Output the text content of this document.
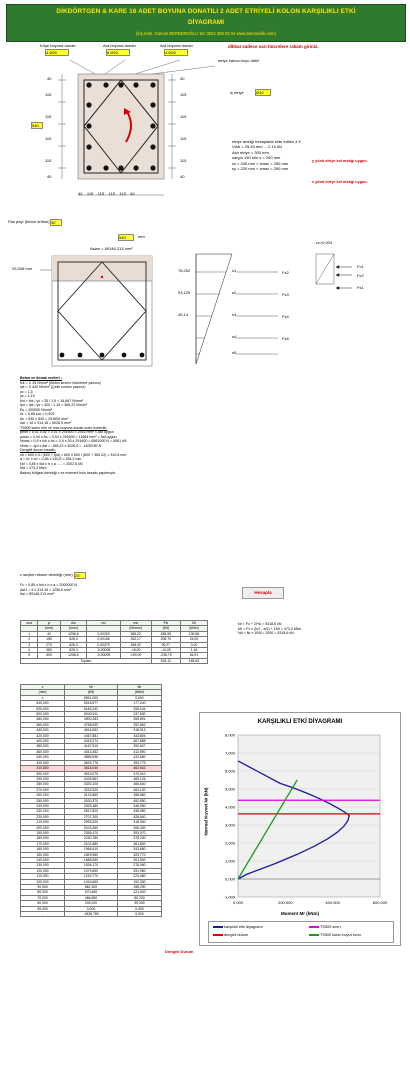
DİKDÖRTGEN & KARE 16 ADET BOYUNA DONATILI 2 ADET ETRİYELİ KOLON KARŞILIKLI ETKİ
DİYAGRAMI
(inş.müh. Gürcan BERBEROĞLU tel: 0532 366 02 04 www.betoncelik.com)
Köşe boyuna donatı	Ara boyuna donatı	Ara boyuna donatı
4 Ø20	6 Ø20	4 Ø20
dikkat sadece sarı hücrelere rakam giriniz.
etriye kanca boyu dahil
40
115
115
115
115
40
540
40
115
115
115
115
40
iç etriye	Ø10
etriye aralığı hesaplarla elde edilen 4 fi
Vd/b = 25.40 mm ... 2.10 kN
Ash etriye = 300 mm
sargılı 150 min s = 250 mm
sx = 245 mm < smax = 250 mm
sy = 220 mm < smax = 250 mm
y yönü etriye kol aralığı uygun.
x yönü etriye kol aralığı uygun.
40 115 115 115 115 40
Pas payı (beton örtüsü) 30
540	mm
Aslan = 89146,213 mm²
29,346 mm
εc=0,003
78,252
93,129
45,14
Fc1
Fc2
Fs1
Fs2
Fs3
Fs4
Fs5
s1
s2
s3
s4
s5
Beton ve donatı verileri :
fck = C 25 N/mm² (Beton sınıfını hücrelere yazınız)
fyk = S 420 N/mm² (Çelik sınıfını yazınız)
γc = 1,5
γs = 1,15
fcd = fck / γc = 25 / 1,5 = 16,667 N/mm²
fyd = fyk / γs = 420 / 1,15 = 365,22 N/mm²
Es = 200000 N/mm²
k1 = 0,85 εcu = 0,003
Ac = 540 x 540 = 291600 mm²
Ast = 16 x 314,16 = 5026,5 mm²
TS500 kolon min ve max boyuna donatı oranı kontrolü:
ρmin = 0,01 x Ac = 0,01 x 291600 = 2916 mm² < Ast uygun
ρmax = 0,04 x Ac = 0,04 x 291600 = 11664 mm² > Ast uygun
Nmax = 0,9 x fck x Ac = 0,9 x 25 x 291600 = 6561000 N = 6561 kN
Nmin = -fyd x Ast = -365,22 x 5026,5 = -1835780 N
Dengeli durum hesabı:
cb = 600 x d / (600 + fyd) = 600 x 500 / (600 + 365,22) = 310,8 mm
a = k1 x cb = 0,85 x 310,8 = 264,2 mm
Nd = 0,85 x fcd x b x a - ... = 2002,5 kN
Md = 473,2 kNm
Basınç bölgesi derinliği c ve moment kolu hesabı yapılmıştır.
c seçilen eksen derinliği (mm) 20
Fc = 0,85 x fcd x b x a = 2000000 N
Ast1 = 4 x 314,16 = 1256,6 mm²
Asi = 89146,213 mm²	Hesapla
sıra	yi	Asi	εsi	σsi	Fsi	Mi
	(mm)	(mm²)		(N/mm²)	(kN)	(kNm)
1	40	1256,6	0,00253	365,22	458,95	105,56
2	155	628,3	0,00166	332,17	208,70	24,00
3	270	628,3	0,00079	158,00	99,27	0,00
4	385	628,3	-0,00008	-16,00	-10,05	1,16
5	500	1256,6	-0,00095	-190,00	-238,75	54,91
Toplam					518,12	185,63
Nr = Fc + ΣFsi = 5318,6 kN
Mr = Fc x (h/2 - a/2) + ΣMi = 473,2 kNm
Nd = Nr x 1000 / 1000 = 5318,6 kN
c	Nr	Mr
(mm)	(kN)	(kNm)
∞	6561,000	0,000
540,000	5318,577	177,240
520,000	5180,242	208,104
500,000	5040,911	237,630
480,000	4900,283	265,891
460,000	4758,090	292,962
440,000	4614,052	318,913
420,000	4467,881	343,804
400,000	4319,274	367,688
380,000	4167,910	390,607
360,000	4013,452	412,590
340,000	3855,536	433,650
320,000	3693,776	453,779
310,800	3618,040	462,642
300,000	3519,070	470,010
290,000	3425,561	469,124
280,000	3330,100	466,640
270,000	3232,520	463,130
260,000	3132,660	458,560
250,000	3030,370	452,890
240,000	2925,480	446,080
230,000	2817,820	438,080
220,000	2707,200	428,840
210,000	2593,420	418,300
200,000	2476,260	406,400
190,000	2355,470	393,070
180,000	2230,780	378,230
170,000	2101,880	361,800
160,000	1968,410	343,680
150,000	1829,960	323,770
140,000	1686,060	301,940
130,000	1536,170	278,060
120,000	1379,650	251,960
110,000	1215,770	223,460
100,000	1043,660	192,330
90,000	862,300	158,290
80,000	670,460	121,040
70,000	466,650	80,200
60,000	249,020	35,330
50,000	0,000	0,000
-	-1835,780	0,000
Dengeli Durum
KARŞILIKLI ETKİ DİYAGRAMI
-1,000
0,000
1,000
2,000
3,000
4,000
5,000
6,000
7,000
8,000
0,000	200,000	400,000	600,000
Moment Mr (kNm)
Normal Kuvvet Nr (kN)
karşılıklı etki diyagramı	TS500 sınırı
dengeli durum	TS500 kolon boyut sınırı
